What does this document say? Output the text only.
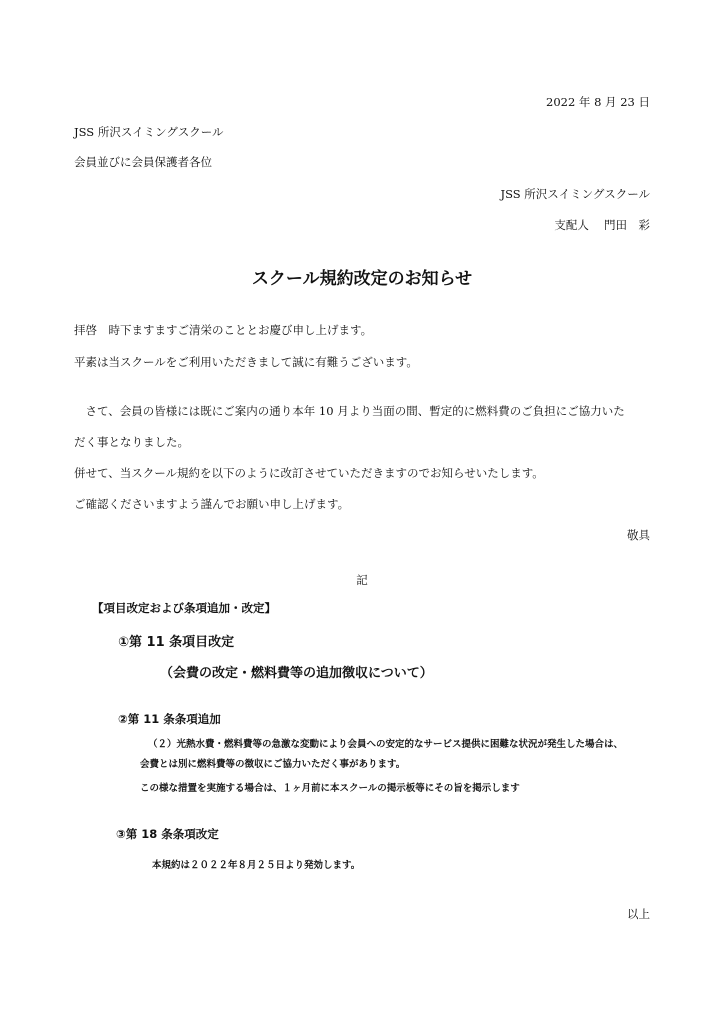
2022 年 8 月 23 日
JSS 所沢スイミングスクール
会員並びに会員保護者各位
JSS 所沢スイミングスクール
支配人　 門田　彩
スクール規約改定のお知らせ
拝啓　時下ますますご清栄のこととお慶び申し上げます。
平素は当スクールをご利用いただきまして誠に有難うございます。
　さて、会員の皆様には既にご案内の通り本年 10 月より当面の間、暫定的に燃料費のご負担にご協力いた
だく事となりました。
併せて、当スクール規約を以下のように改訂させていただきますのでお知らせいたします。
ご確認くださいますよう謹んでお願い申し上げます。
敬具
記
【項目改定および条項追加・改定】
①第 11 条項目改定
（会費の改定・燃料費等の追加徴収について）
②第 11 条条項追加
（２）光熱水費・燃料費等の急激な変動により会員への安定的なサービス提供に困難な状況が発生した場合は、
会費とは別に燃料費等の徴収にご協力いただく事があります。
この様な措置を実施する場合は、１ヶ月前に本スクールの掲示板等にその旨を掲示します
③第 18 条条項改定
本規約は２０２２年８月２５日より発効します。
以上
